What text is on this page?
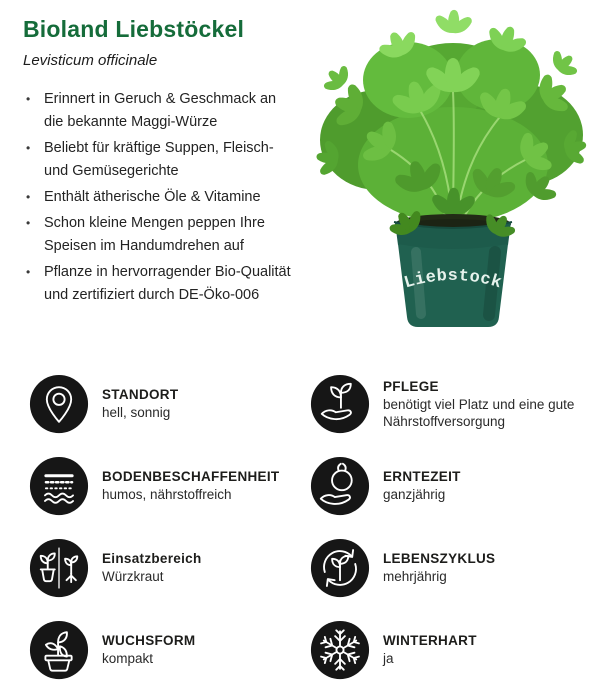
Bioland Liebstöckel
Levisticum officinale
• Erinnert in Geruch & Geschmack an
die bekannte Maggi-Würze
• Beliebt für kräftige Suppen, Fleisch-
und Gemüsegerichte
• Enthält ätherische Öle & Vitamine
• Schon kleine Mengen peppen Ihre
Speisen im Handumdrehen auf
• Pflanze in hervorragender Bio-Qualität
und zertifiziert durch DE-Öko-006
Liebstock
STANDORT
hell, sonnig
PFLEGE
benötigt viel Platz und eine gute Nährstoffversorgung
BODENBESCHAFFENHEIT
humos, nährstoffreich
ERNTEZEIT
ganzjährig
Einsatzbereich
Würzkraut
LEBENSZYKLUS
mehrjährig
WUCHSFORM
kompakt
WINTERHART
ja
